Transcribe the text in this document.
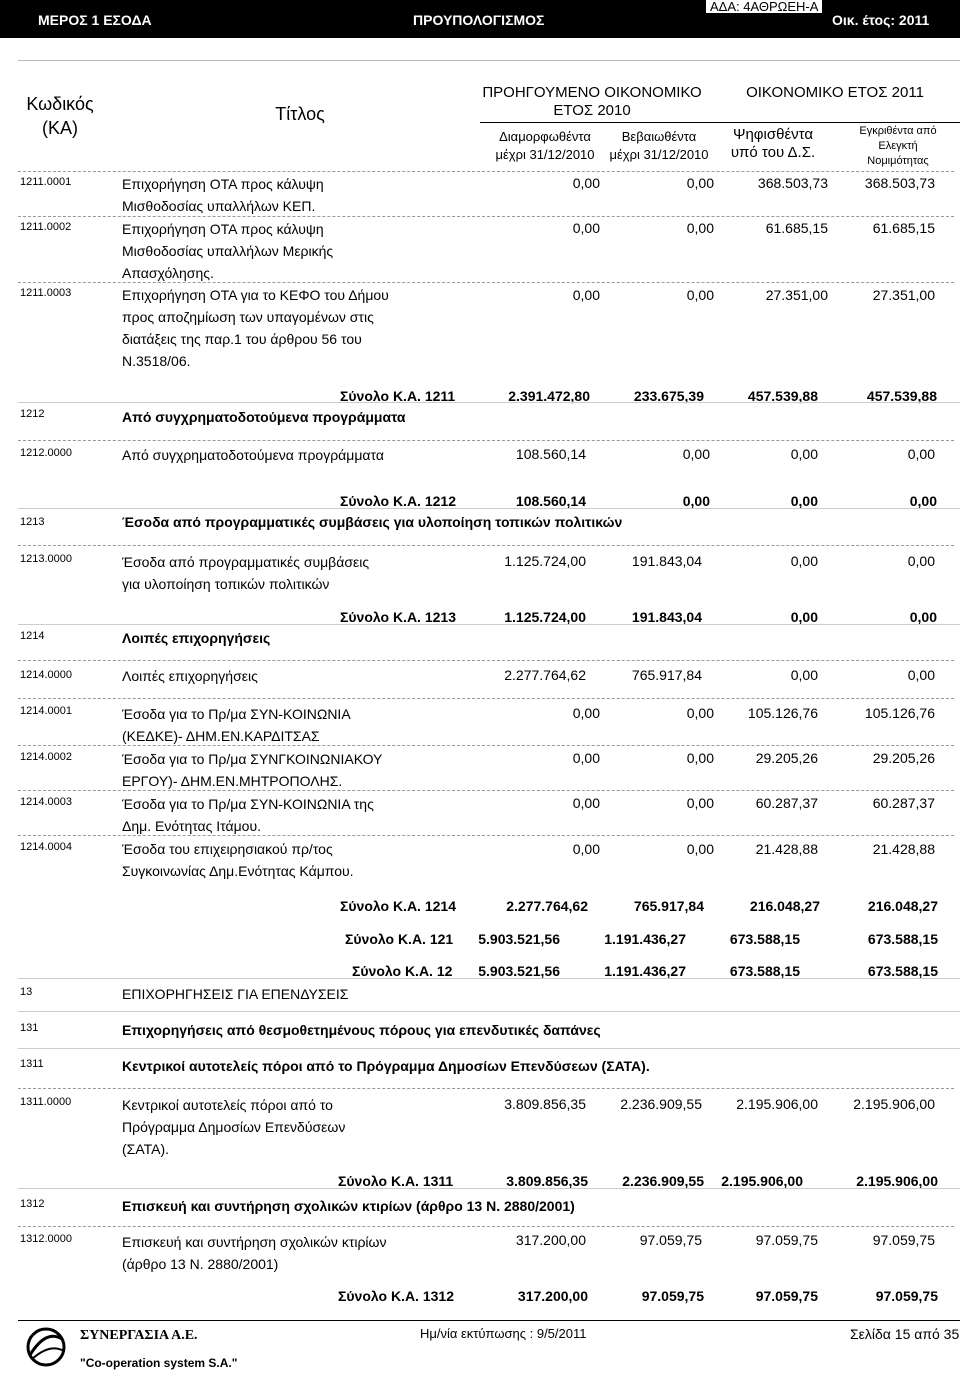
ΜΕΡΟΣ 1 ΕΣΟΔΑ	ΠΡΟΥΠΟΛΟΓΙΣΜΟΣ	Οικ. έτος: 2011
ΑΔΑ: 4ΑΘΡΩΕΗ-Α
Κωδικός
(ΚΑ)
Τίτλος
ΠΡΟΗΓΟΥΜΕΝΟ ΟΙΚΟΝΟΜΙΚΟ
ΕΤΟΣ 2010
ΟΙΚΟΝΟΜΙΚΟ ΕΤΟΣ 2011
Διαμορφωθέντα
μέχρι 31/12/2010
Βεβαιωθέντα
μέχρι 31/12/2010
Ψηφισθέντα
υπό του Δ.Σ.
Εγκριθέντα από
Ελεγκτή
Νομιμότητας
1211.0001	Επιχορήγηση ΟΤΑ προς κάλυψη
Μισθοδοσίας υπαλλήλων ΚΕΠ.
0,00	0,00	368.503,73	368.503,73
1211.0002	Επιχορήγηση ΟΤΑ προς κάλυψη
Μισθοδοσίας υπαλλήλων Μερικής
Απασχόλησης.
0,00	0,00	61.685,15	61.685,15
1211.0003	Επιχορήγηση ΟΤΑ για το ΚΕΦΟ του Δήμου
προς αποζημίωση των υπαγομένων στις
διατάξεις της παρ.1 του άρθρου 56 του
Ν.3518/06.
0,00	0,00	27.351,00	27.351,00
Σύνολο Κ.Α. 1211	2.391.472,80	233.675,39	457.539,88	457.539,88
1212	Από συγχρηματοδοτούμενα προγράμματα
1212.0000	Από συγχρηματοδοτούμενα προγράμματα	108.560,14	0,00	0,00	0,00
Σύνολο Κ.Α. 1212	108.560,14	0,00	0,00	0,00
1213	Έσοδα από προγραμματικές συμβάσεις για υλοποίηση τοπικών πολιτικών
1213.0000	Έσοδα από προγραμματικές συμβάσεις
για υλοποίηση τοπικών πολιτικών
1.125.724,00	191.843,04	0,00	0,00
Σύνολο Κ.Α. 1213	1.125.724,00	191.843,04	0,00	0,00
1214	Λοιπές επιχορηγήσεις
1214.0000	Λοιπές επιχορηγήσεις	2.277.764,62	765.917,84	0,00	0,00
1214.0001	Έσοδα για το Πρ/μα ΣΥΝ-ΚΟΙΝΩΝΙΑ
(ΚΕΔΚΕ)- ΔΗΜ.ΕΝ.ΚΑΡΔΙΤΣΑΣ
0,00	0,00	105.126,76	105.126,76
1214.0002	Έσοδα για το Πρ/μα ΣΥΝΓΚΟΙΝΩΝΙΑΚΟΥ
ΕΡΓΟΥ)- ΔΗΜ.ΕΝ.ΜΗΤΡΟΠΟΛΗΣ.
0,00	0,00	29.205,26	29.205,26
1214.0003	Έσοδα για το Πρ/μα ΣΥΝ-ΚΟΙΝΩΝΙΑ της
Δημ. Ενότητας Ιτάμου.
0,00	0,00	60.287,37	60.287,37
1214.0004	Έσοδα του επιχειρησιακού πρ/τος
Συγκοινωνίας Δημ.Ενότητας Κάμπου.
0,00	0,00	21.428,88	21.428,88
Σύνολο Κ.Α. 1214	2.277.764,62	765.917,84	216.048,27	216.048,27
Σύνολο Κ.Α. 121	5.903.521,56	1.191.436,27	673.588,15	673.588,15
Σύνολο Κ.Α. 12	5.903.521,56	1.191.436,27	673.588,15	673.588,15
13	ΕΠΙΧΟΡΗΓΗΣΕΙΣ ΓΙΑ ΕΠΕΝΔΥΣΕΙΣ
131	Επιχορηγήσεις από θεσμοθετημένους πόρους για επενδυτικές δαπάνες
1311	Κεντρικοί αυτοτελείς πόροι από το Πρόγραμμα Δημοσίων Επενδύσεων (ΣΑΤΑ).
1311.0000	Κεντρικοί αυτοτελείς πόροι από το
Πρόγραμμα Δημοσίων Επενδύσεων
(ΣΑΤΑ).
3.809.856,35	2.236.909,55	2.195.906,00	2.195.906,00
Σύνολο Κ.Α. 1311	3.809.856,35	2.236.909,55	2.195.906,00	2.195.906,00
1312	Επισκευή και συντήρηση σχολικών κτιρίων (άρθρο 13 Ν. 2880/2001)
1312.0000	Επισκευή και συντήρηση σχολικών κτιρίων
(άρθρο 13 Ν. 2880/2001)
317.200,00	97.059,75	97.059,75	97.059,75
Σύνολο Κ.Α. 1312	317.200,00	97.059,75	97.059,75	97.059,75
ΣΥΝΕΡΓΑΣΙΑ Α.Ε.
"Co-operation system S.A."
Ημ/νία εκτύπωσης : 9/5/2011	Σελίδα 15 από 35
